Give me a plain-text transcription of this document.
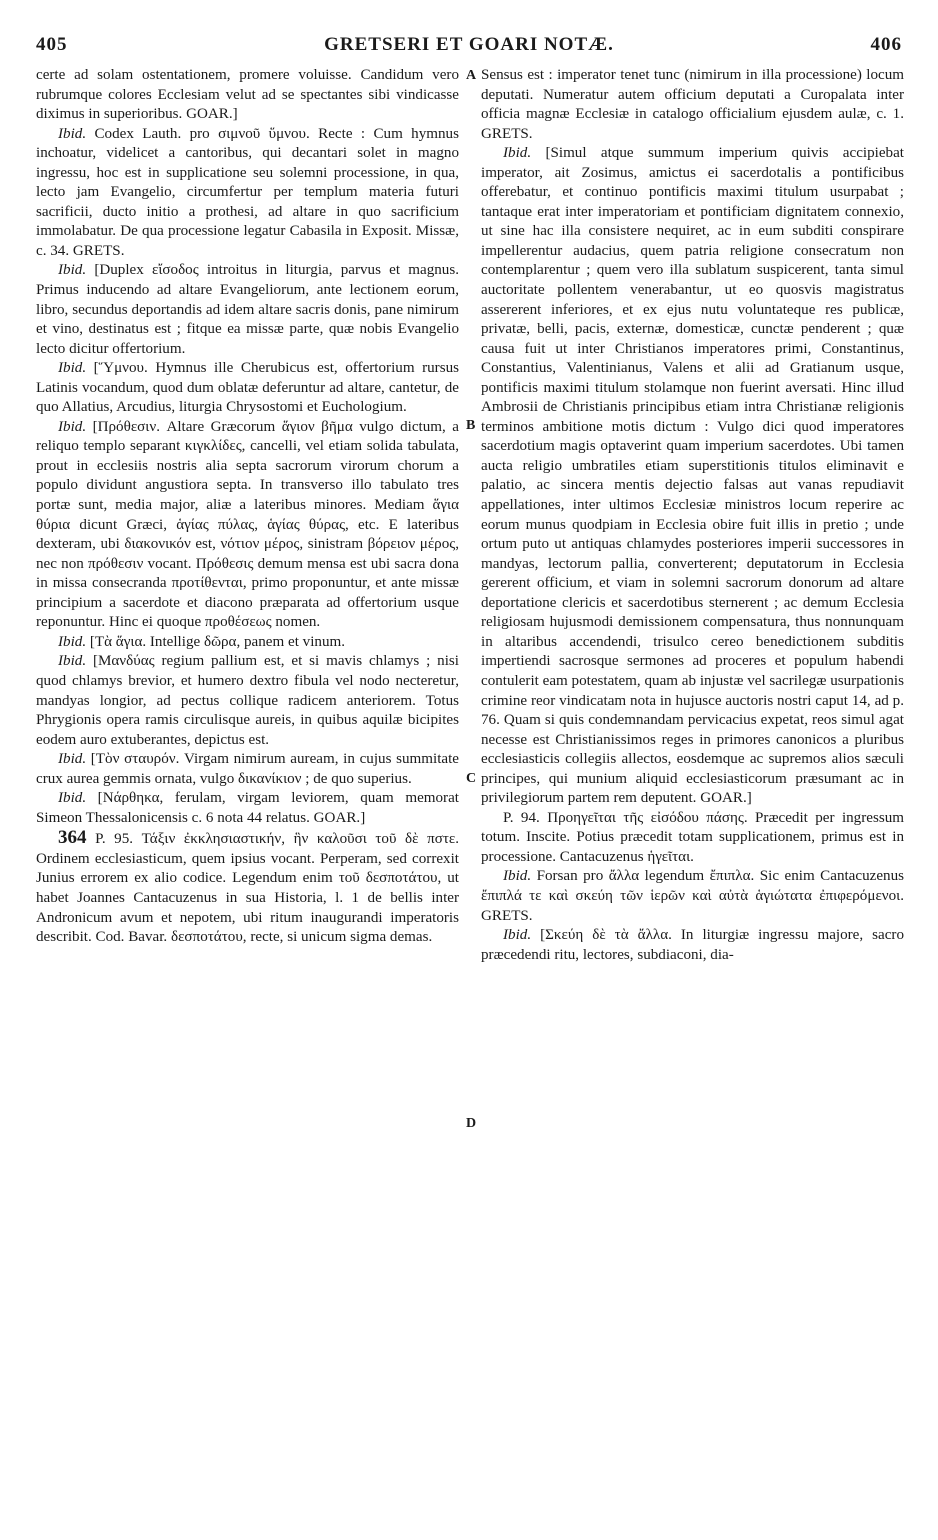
405	GRETSERI ET GOARI NOTÆ.	406
A
B
C
D

certe ad solam ostentationem, promere voluisse. Candidum vero rubrumque colores Ecclesiam velut ad se spectantes sibi vindicasse diximus in superioribus. GOAR.]

Ibid. Codex Lauth. pro σιμνοῦ ὕμνου. Recte : Cum hymnus inchoatur, videlicet a cantoribus, qui decantari solet in magno ingressu, hoc est in supplicatione seu solemni processione, in qua, lecto jam Evangelio, circumfertur per templum materia futuri sacrificii, ducto initio a prothesi, ad altare in quo sacrificium immolabatur. De qua processione legatur Cabasila in Exposit. Missæ, c. 34. GRETS.

Ibid. [Duplex εἴσοδος introitus in liturgia, parvus et magnus. Primus inducendo ad altare Evangeliorum, ante lectionem eorum, libro, secundus deportandis ad idem altare sacris donis, pane nimirum et vino, destinatus est ; fitque ea missæ parte, quæ nobis Evangelio lecto dicitur offertorium.

Ibid. [Ὕμνου. Hymnus ille Cherubicus est, offertorium rursus Latinis vocandum, quod dum oblatæ deferuntur ad altare, cantetur, de quo Allatius, Arcudius, liturgia Chrysostomi et Euchologium.

Ibid. [Πρόθεσιν. Altare Græcorum ἅγιον βῆμα vulgo dictum, a reliquo templo separant κιγκλίδες, cancelli, vel etiam solida tabulata, prout in ecclesiis nostris alia septa sacrorum virorum chorum a populo dividunt angustiora septa. In transverso illo tabulato tres portæ sunt, media major, aliæ a lateribus minores. Mediam ἅγια θύρια dicunt Græci, ἁγίας πύλας, ἁγίας θύρας, etc. E lateribus dexteram, ubi διακονικόν est, νότιον μέρος, sinistram βόρειον μέρος, nec non πρόθεσιν vocant. Πρόθεσις demum mensa est ubi sacra dona in missa consecranda προτίθενται, primo proponuntur, et ante missæ principium a sacerdote et diacono præparata ad offertorium usque reponuntur. Hinc ei quoque προθέσεως nomen.

Ibid. [Τὰ ἅγια. Intellige δῶρα, panem et vinum.

Ibid. [Μανδύας regium pallium est, et si mavis chlamys ; nisi quod chlamys brevior, et humero dextro fibula vel nodo necteretur, mandyas longior, ad pectus collique radicem anteriorem. Totus Phrygionis opera ramis circulisque aureis, in quibus aquilæ bicipites eodem auro extuberantes, depictus est.

Ibid. [Τὸν σταυρόν. Virgam nimirum auream, in cujus summitate crux aurea gemmis ornata, vulgo δικανίκιον ; de quo superius.

Ibid. [Νάρθηκα, ferulam, virgam leviorem, quam memorat Simeon Thessalonicensis c. 6 nota 44 relatus. GOAR.]

364 P. 95. Τάξιν ἐκκλησιαστικήν, ἣν καλοῦσι τοῦ δὲ πστε. Ordinem ecclesiasticum, quem ipsius vocant. Perperam, sed correxit Junius errorem ex alio codice. Legendum enim τοῦ δεσποτάτου, ut habet Joannes Cantacuzenus in sua Historia, l. 1 de bellis inter Andronicum avum et nepotem, ubi ritum inaugurandi imperatoris describit. Cod. Bavar. δεσποτάτου, recte, si unicum sigma demas.

Sensus est : imperator tenet tunc (nimirum in illa processione) locum deputati. Numeratur autem officium deputati a Curopalata inter officia magnæ Ecclesiæ in catalogo officialium ejusdem aulæ, c. 1. GRETS.

Ibid. [Simul atque summum imperium quivis accipiebat imperator, ait Zosimus, amictus ei sacerdotalis a pontificibus offerebatur, et continuo pontificis maximi titulum usurpabat ; tantaque erat inter imperatoriam et pontificiam dignitatem connexio, ut sine hac illa consistere nequiret, ac in eum subditi conspirare impellerentur audacius, quem patria religione consecratum non contemplarentur ; quem vero illa sublatum suspicerent, tanta simul auctoritate pollentem venerabantur, ut eo quosvis magistratus assererent inferiores, et ex ejus nutu voluntateque res publicæ, privatæ, belli, pacis, externæ, domesticæ, cunctæ penderent ; quæ causa fuit ut inter Christianos imperatores primi, Constantinus, Constantius, Valentinianus, Valens et alii ad Gratianum usque, pontificis maximi titulum stolamque non fuerint aversati. Hinc illud Ambrosii de Christianis principibus etiam intra Christianæ religionis terminos ambitione motis dictum : Vulgo dici quod imperatores sacerdotium magis optaverint quam imperium sacerdotes. Ubi tamen aucta religio umbratiles etiam superstitionis titulos eliminavit e palatio, ac sincera mentis dejectio falsas aut vanas repudiavit appellationes, inter ultimos Ecclesiæ ministros locum reperire ac eorum munus quodpiam in Ecclesia obire fuit illis in pretio ; unde ortum puto ut antiquas chlamydes posteriores imperii successores in mandyas, lectorum pallia, converterent; deputatorum in Ecclesia gererent officium, et viam in solemni sacrorum donorum ad altare deportatione clericis et sacerdotibus sternerent ; ac demum Ecclesia religiosam hujusmodi demissionem compensatura, thus nonnunquam in altaribus accendendi, trisulco cereo benedictionem subditis impertiendi sacrosque sermones ad proceres et populum habendi contulerit eam potestatem, quam ab injustæ vel sacrilegæ usurpationis crimine reor vindicatam nota in hujusce auctoris nostri caput 14, ad p. 76. Quam si quis condemnandam pervicacius expetat, reos simul agat necesse est Christianissimos reges in primores canonicos a pluribus ecclesiasticis collegiis allectos, eosdemque ac supremos alios sæculi principes, qui munium aliquid ecclesiasticorum præsumant ac in privilegiorum partem rem deputent. GOAR.]

P. 94. Προηγεῖται τῆς εἰσόδου πάσης. Præcedit per ingressum totum. Inscite. Potius præcedit totam supplicationem, primus est in processione. Cantacuzenus ἡγεῖται.

Ibid. Forsan pro ἄλλα legendum ἔπιπλα. Sic enim Cantacuzenus ἔπιπλά τε καὶ σκεύη τῶν ἱερῶν καὶ αὐτὰ ἁγιώτατα ἐπιφερόμενοι. GRETS.

Ibid. [Σκεύη δὲ τὰ ἄλλα. In liturgiæ ingressu majore, sacro præcedendi ritu, lectores, subdiaconi, dia-
